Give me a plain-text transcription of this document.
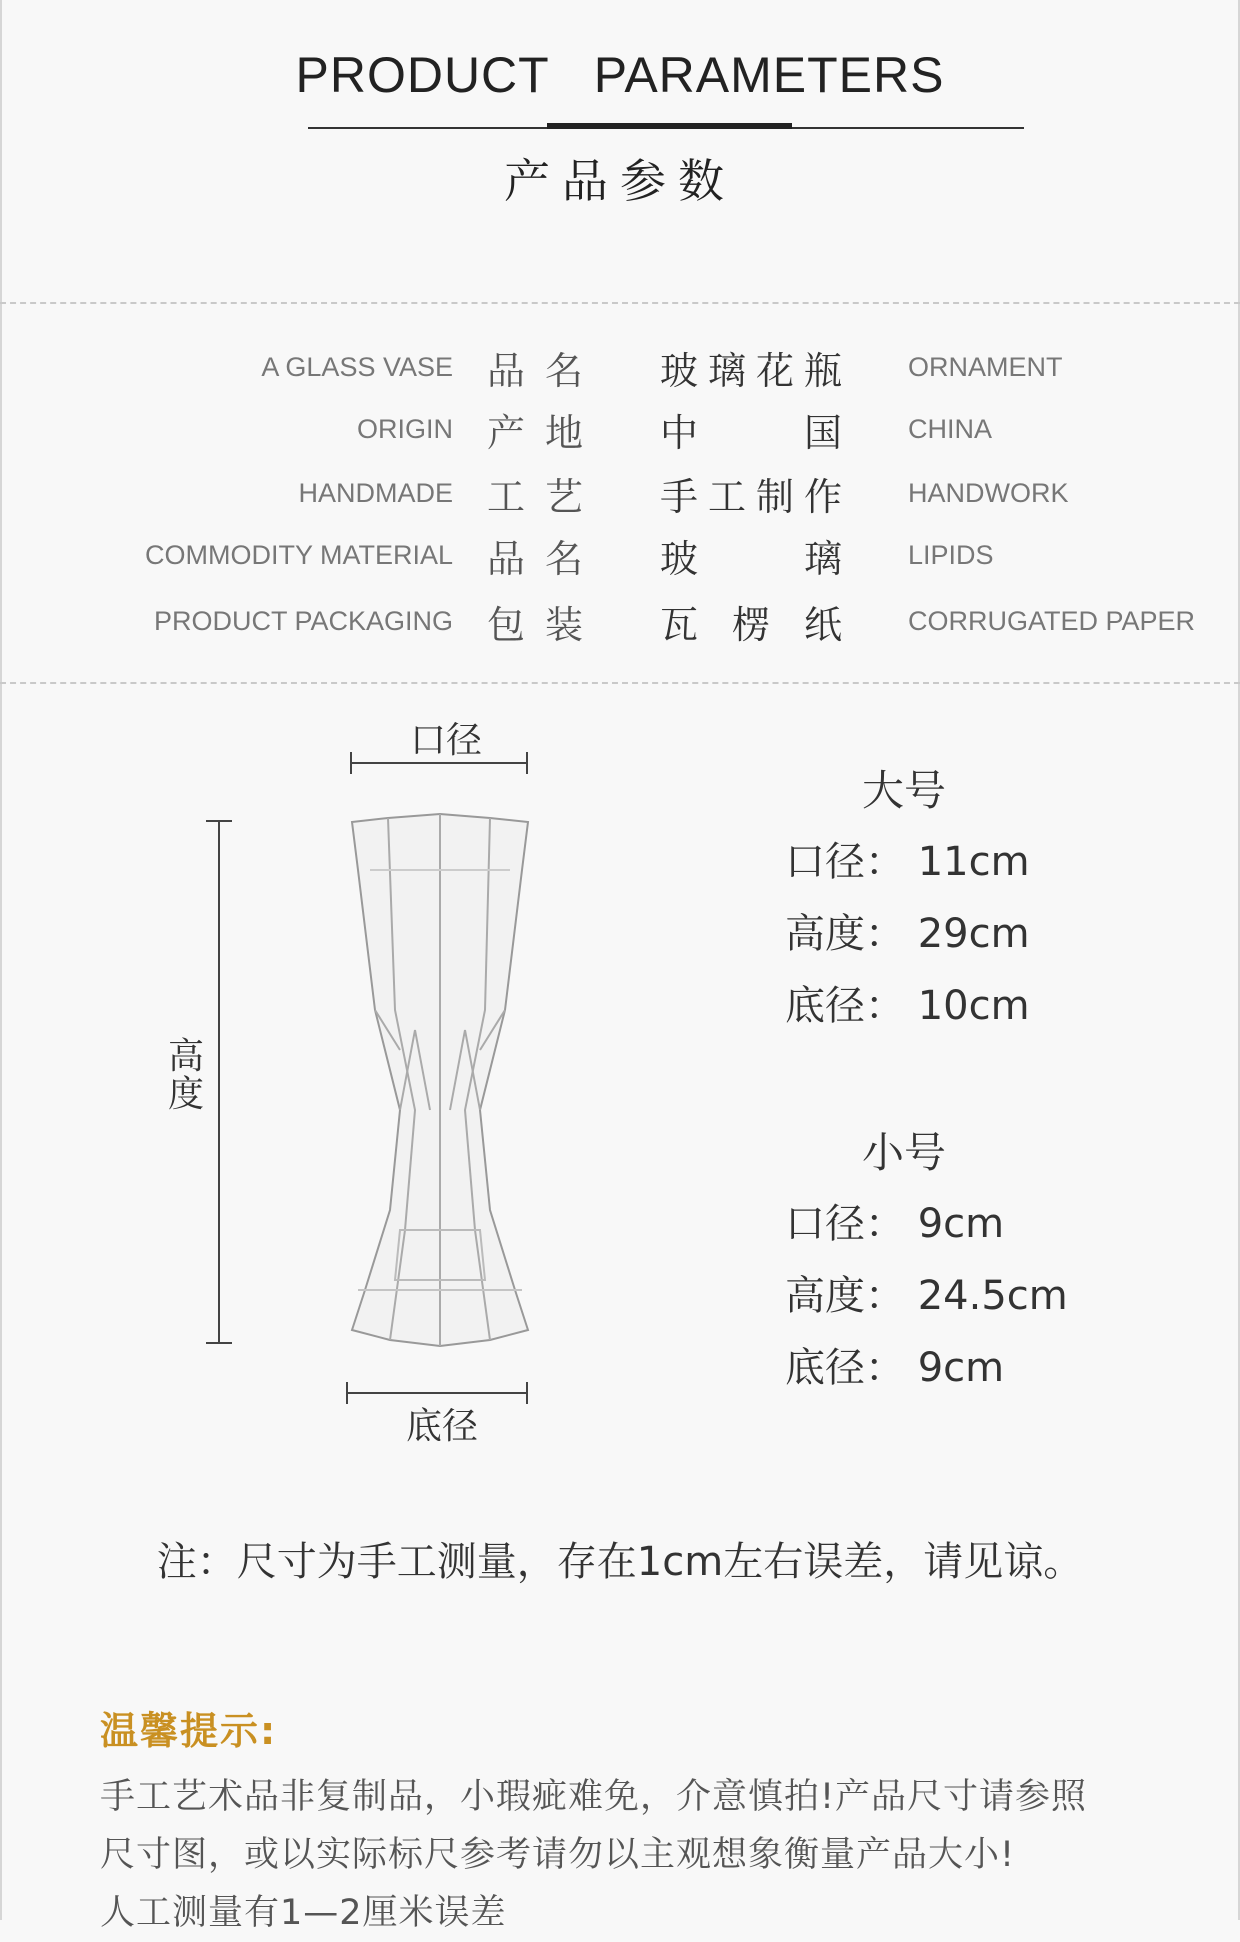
PRODUCT PARAMETERS
产品参数
A GLASS VASE 品名 玻 璃 花 瓶 ORNAMENT
ORIGIN 产地 中	国 CHINA
HANDMADE 工艺 手 工 制 作 HANDWORK
COMMODITY MATERIAL 品名 玻	璃 LIPIDS
PRODUCT PACKAGING 包装 瓦 楞 纸 CORRUGATED PAPER
口径
高度
底径
大号
口径： 11cm
高度： 29cm
底径： 10cm
小号
口径： 9cm
高度： 24.5cm
底径： 9cm
注：尺寸为手工测量，存在1cm左右误差，请见谅。
温馨提示:
手工艺术品非复制品，小瑕疵难免，介意慎拍!产品尺寸请参照
尺寸图，或以实际标尺参考请勿以主观想象衡量产品大小!
人工测量有1—2厘米误差
